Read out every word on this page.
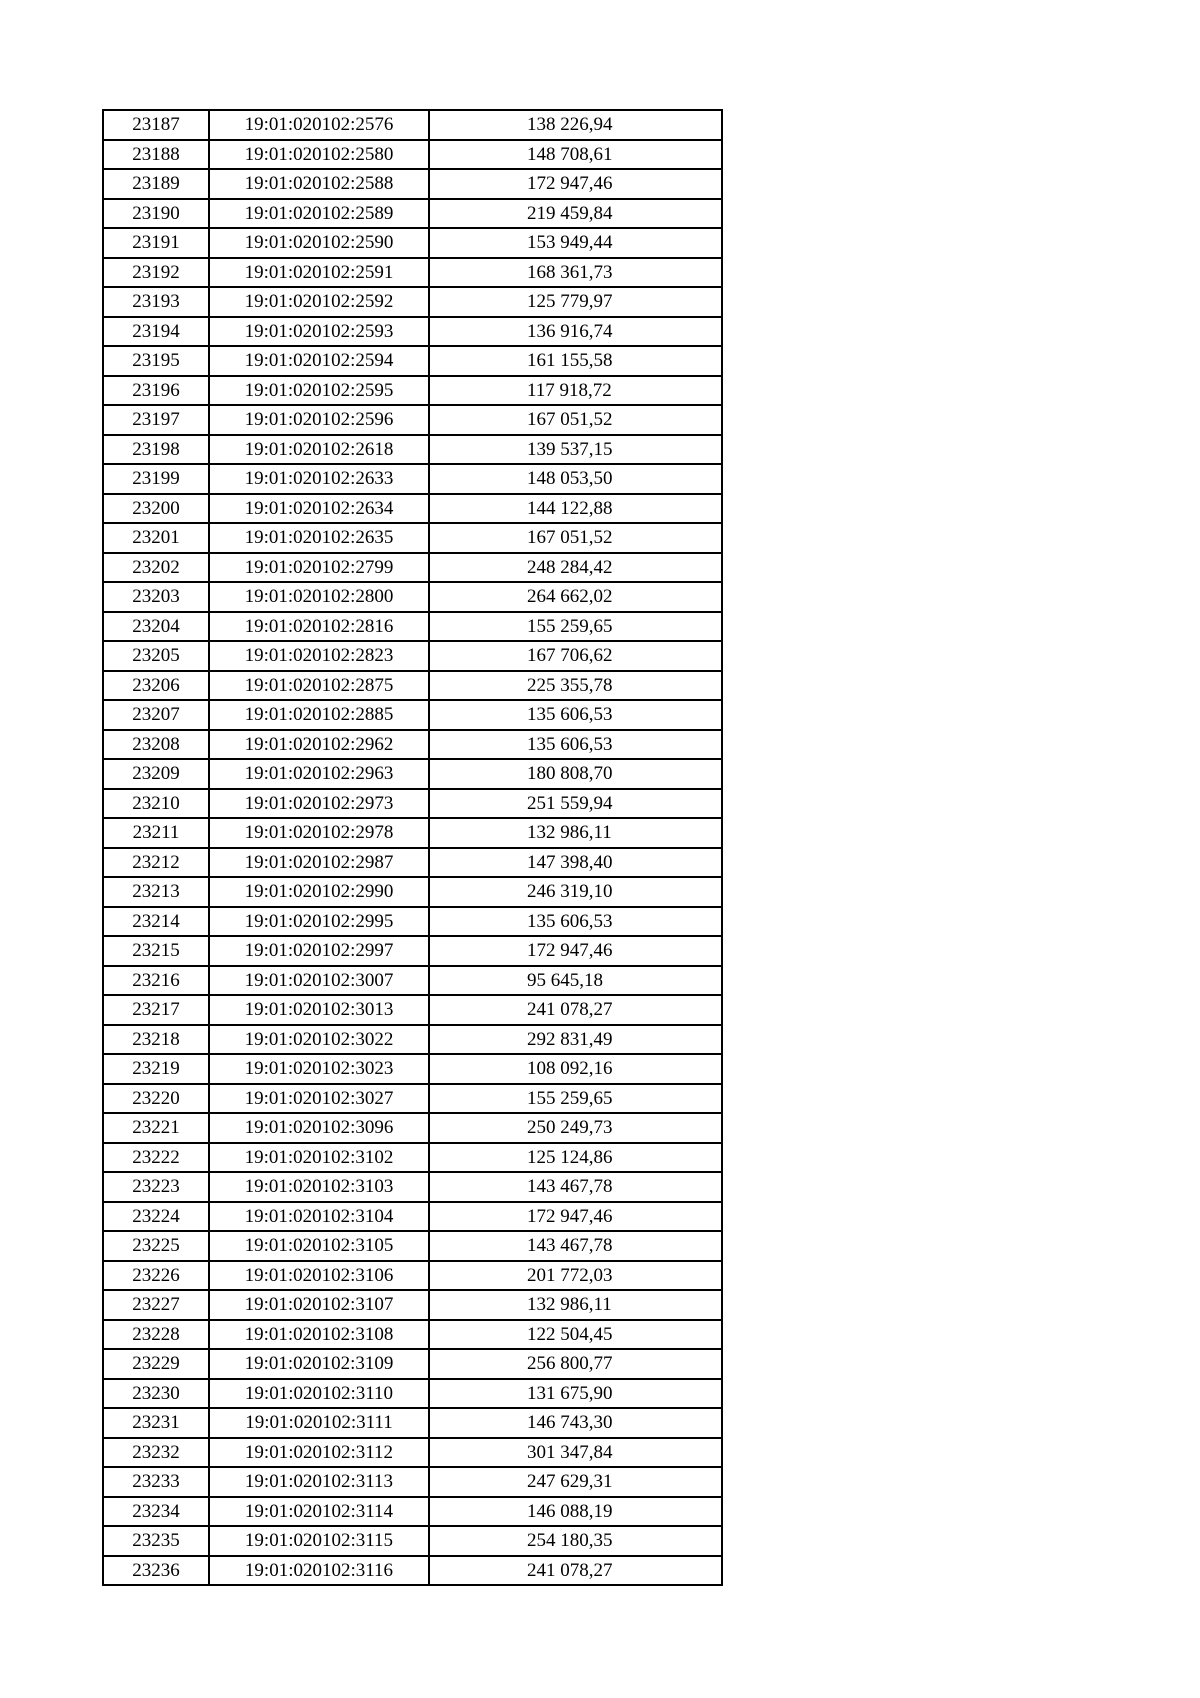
23187	19:01:020102:2576	138 226,94
23188	19:01:020102:2580	148 708,61
23189	19:01:020102:2588	172 947,46
23190	19:01:020102:2589	219 459,84
23191	19:01:020102:2590	153 949,44
23192	19:01:020102:2591	168 361,73
23193	19:01:020102:2592	125 779,97
23194	19:01:020102:2593	136 916,74
23195	19:01:020102:2594	161 155,58
23196	19:01:020102:2595	117 918,72
23197	19:01:020102:2596	167 051,52
23198	19:01:020102:2618	139 537,15
23199	19:01:020102:2633	148 053,50
23200	19:01:020102:2634	144 122,88
23201	19:01:020102:2635	167 051,52
23202	19:01:020102:2799	248 284,42
23203	19:01:020102:2800	264 662,02
23204	19:01:020102:2816	155 259,65
23205	19:01:020102:2823	167 706,62
23206	19:01:020102:2875	225 355,78
23207	19:01:020102:2885	135 606,53
23208	19:01:020102:2962	135 606,53
23209	19:01:020102:2963	180 808,70
23210	19:01:020102:2973	251 559,94
23211	19:01:020102:2978	132 986,11
23212	19:01:020102:2987	147 398,40
23213	19:01:020102:2990	246 319,10
23214	19:01:020102:2995	135 606,53
23215	19:01:020102:2997	172 947,46
23216	19:01:020102:3007	95 645,18
23217	19:01:020102:3013	241 078,27
23218	19:01:020102:3022	292 831,49
23219	19:01:020102:3023	108 092,16
23220	19:01:020102:3027	155 259,65
23221	19:01:020102:3096	250 249,73
23222	19:01:020102:3102	125 124,86
23223	19:01:020102:3103	143 467,78
23224	19:01:020102:3104	172 947,46
23225	19:01:020102:3105	143 467,78
23226	19:01:020102:3106	201 772,03
23227	19:01:020102:3107	132 986,11
23228	19:01:020102:3108	122 504,45
23229	19:01:020102:3109	256 800,77
23230	19:01:020102:3110	131 675,90
23231	19:01:020102:3111	146 743,30
23232	19:01:020102:3112	301 347,84
23233	19:01:020102:3113	247 629,31
23234	19:01:020102:3114	146 088,19
23235	19:01:020102:3115	254 180,35
23236	19:01:020102:3116	241 078,27
